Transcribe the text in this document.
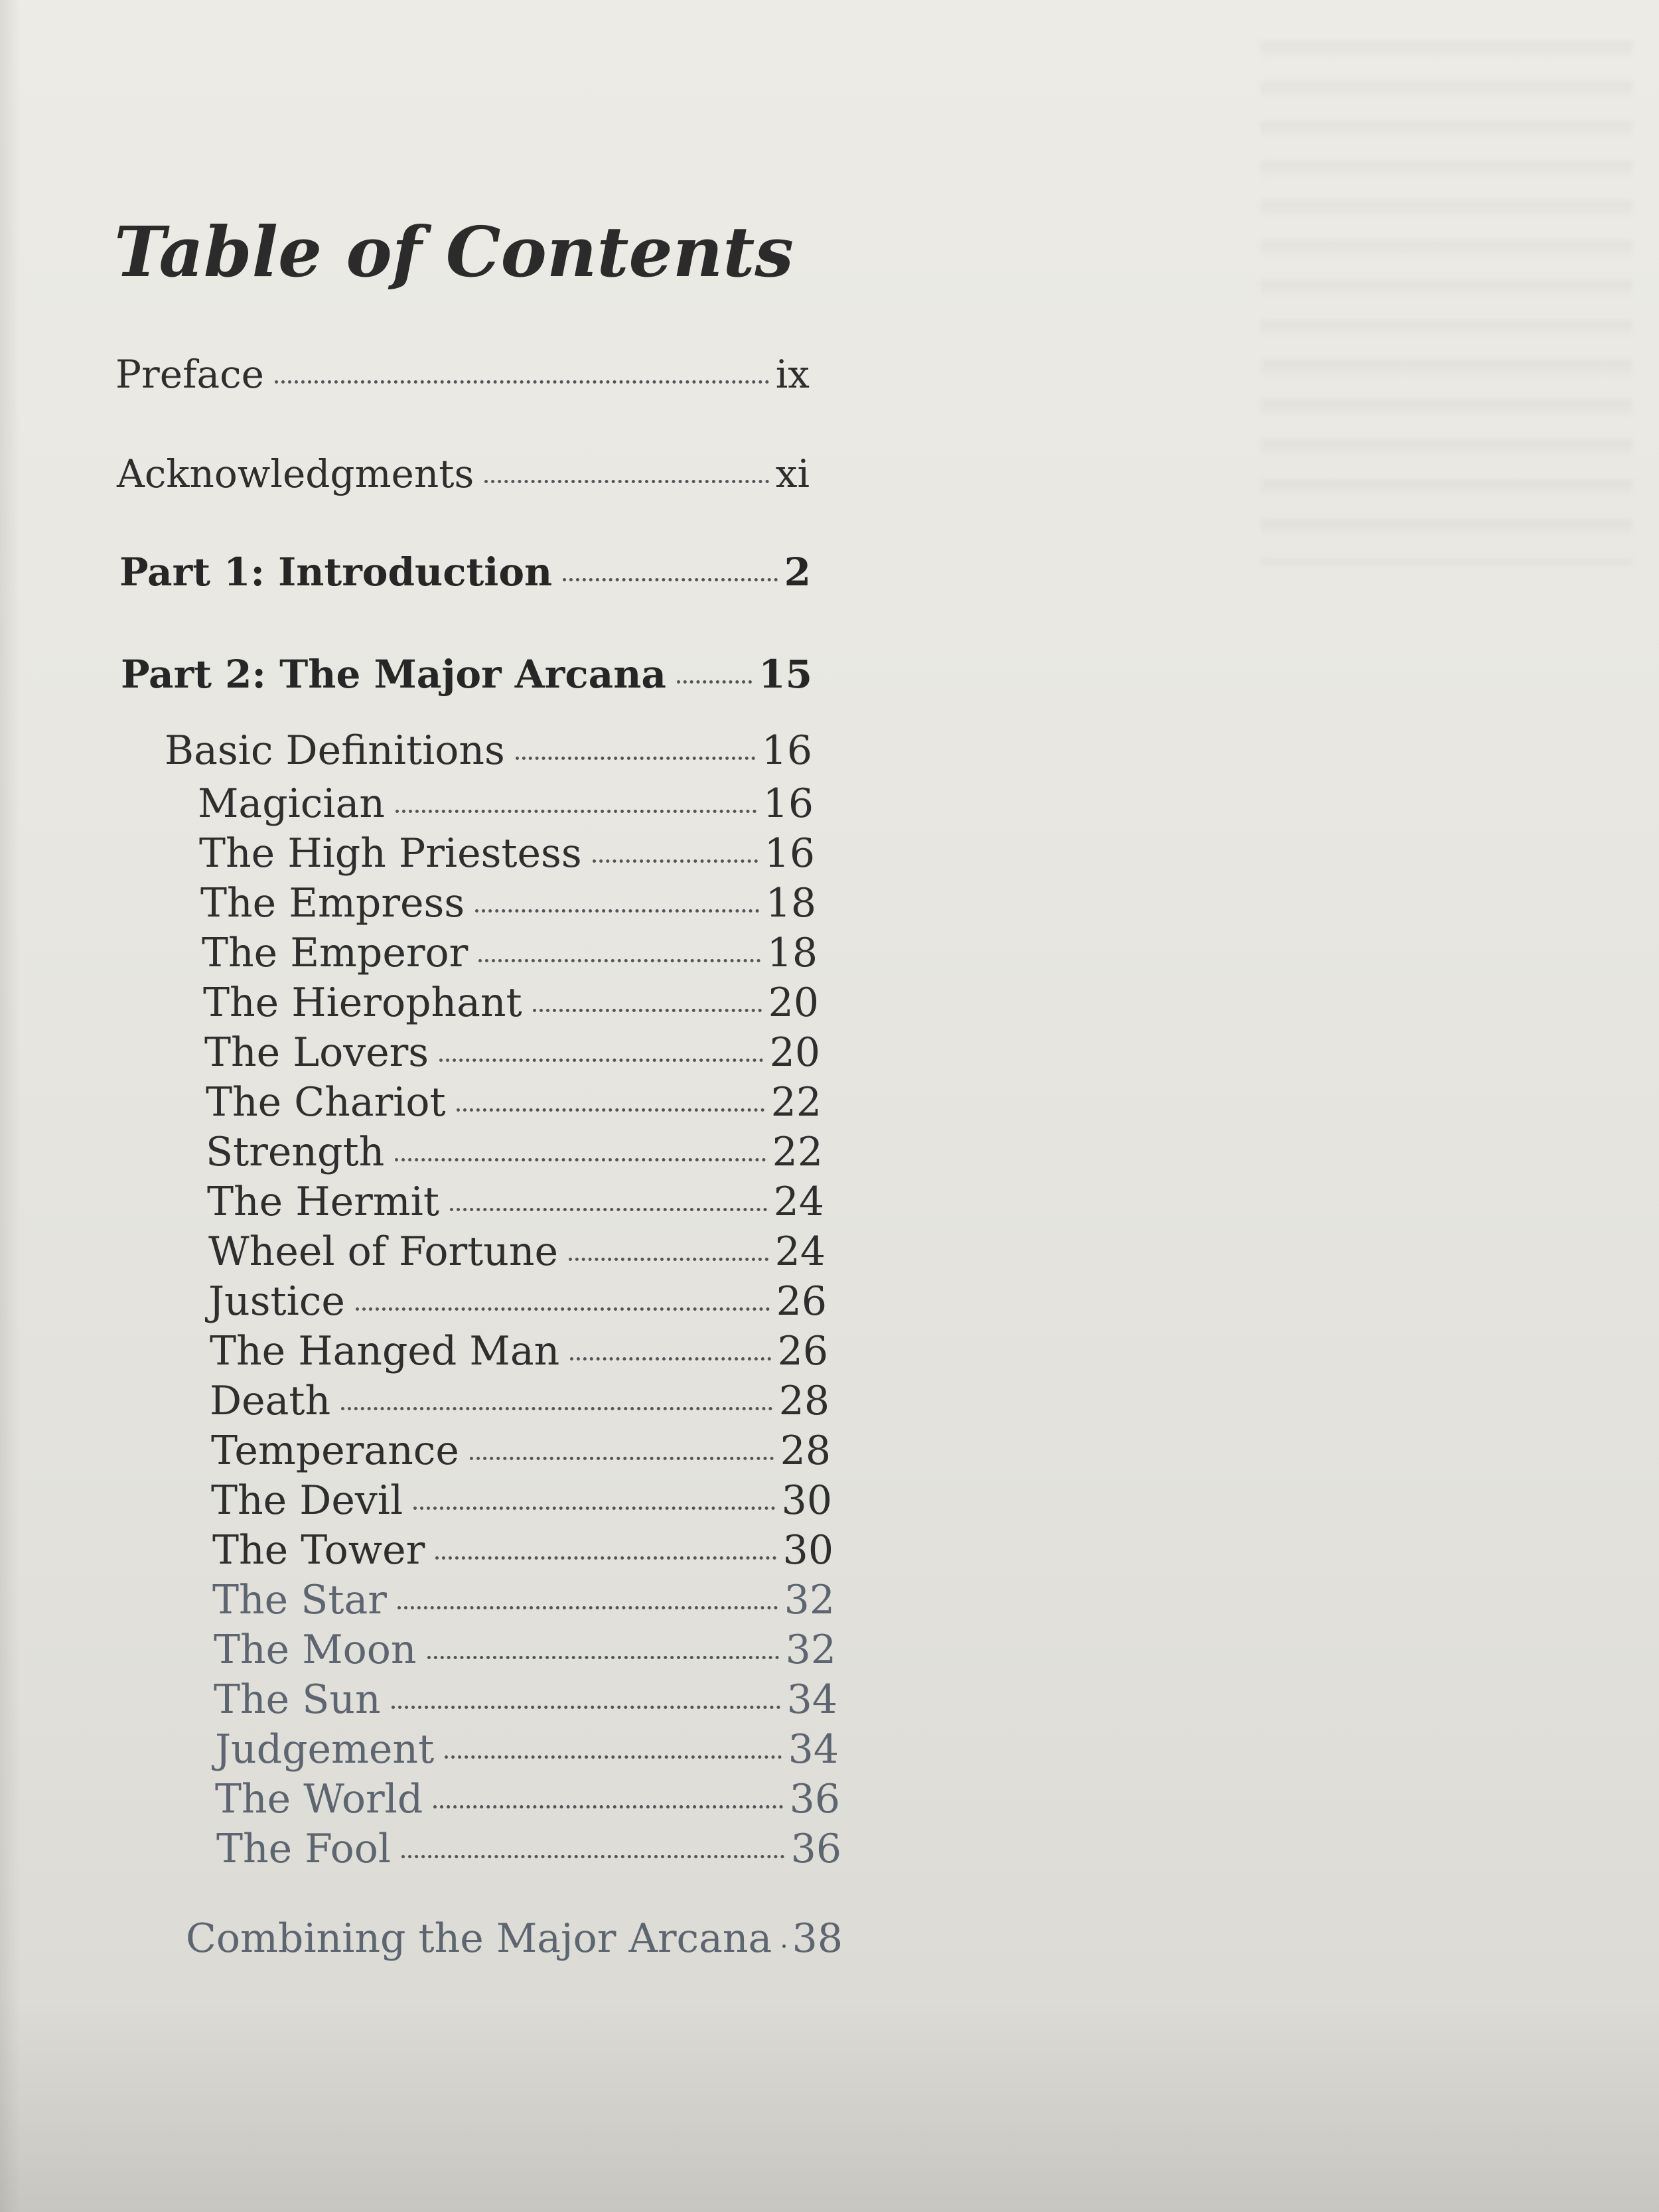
Table of Contents
Preface	ix
Acknowledgments	xi
Part 1: Introduction	2
Part 2: The Major Arcana 15
Basic Definitions	16
Magician	16
The High Priestess	16
The Empress	18
The Emperor	18
The Hierophant	20
The Lovers	20
The Chariot	22
Strength	22
The Hermit	24
Wheel of Fortune	24
Justice	26
The Hanged Man	26
Death	28
Temperance	28
The Devil	30
The Tower	30
The Star	32
The Moon	32
The Sun	34
Judgement	34
The World	36
The Fool	36
Combining the Major Arcana 38
